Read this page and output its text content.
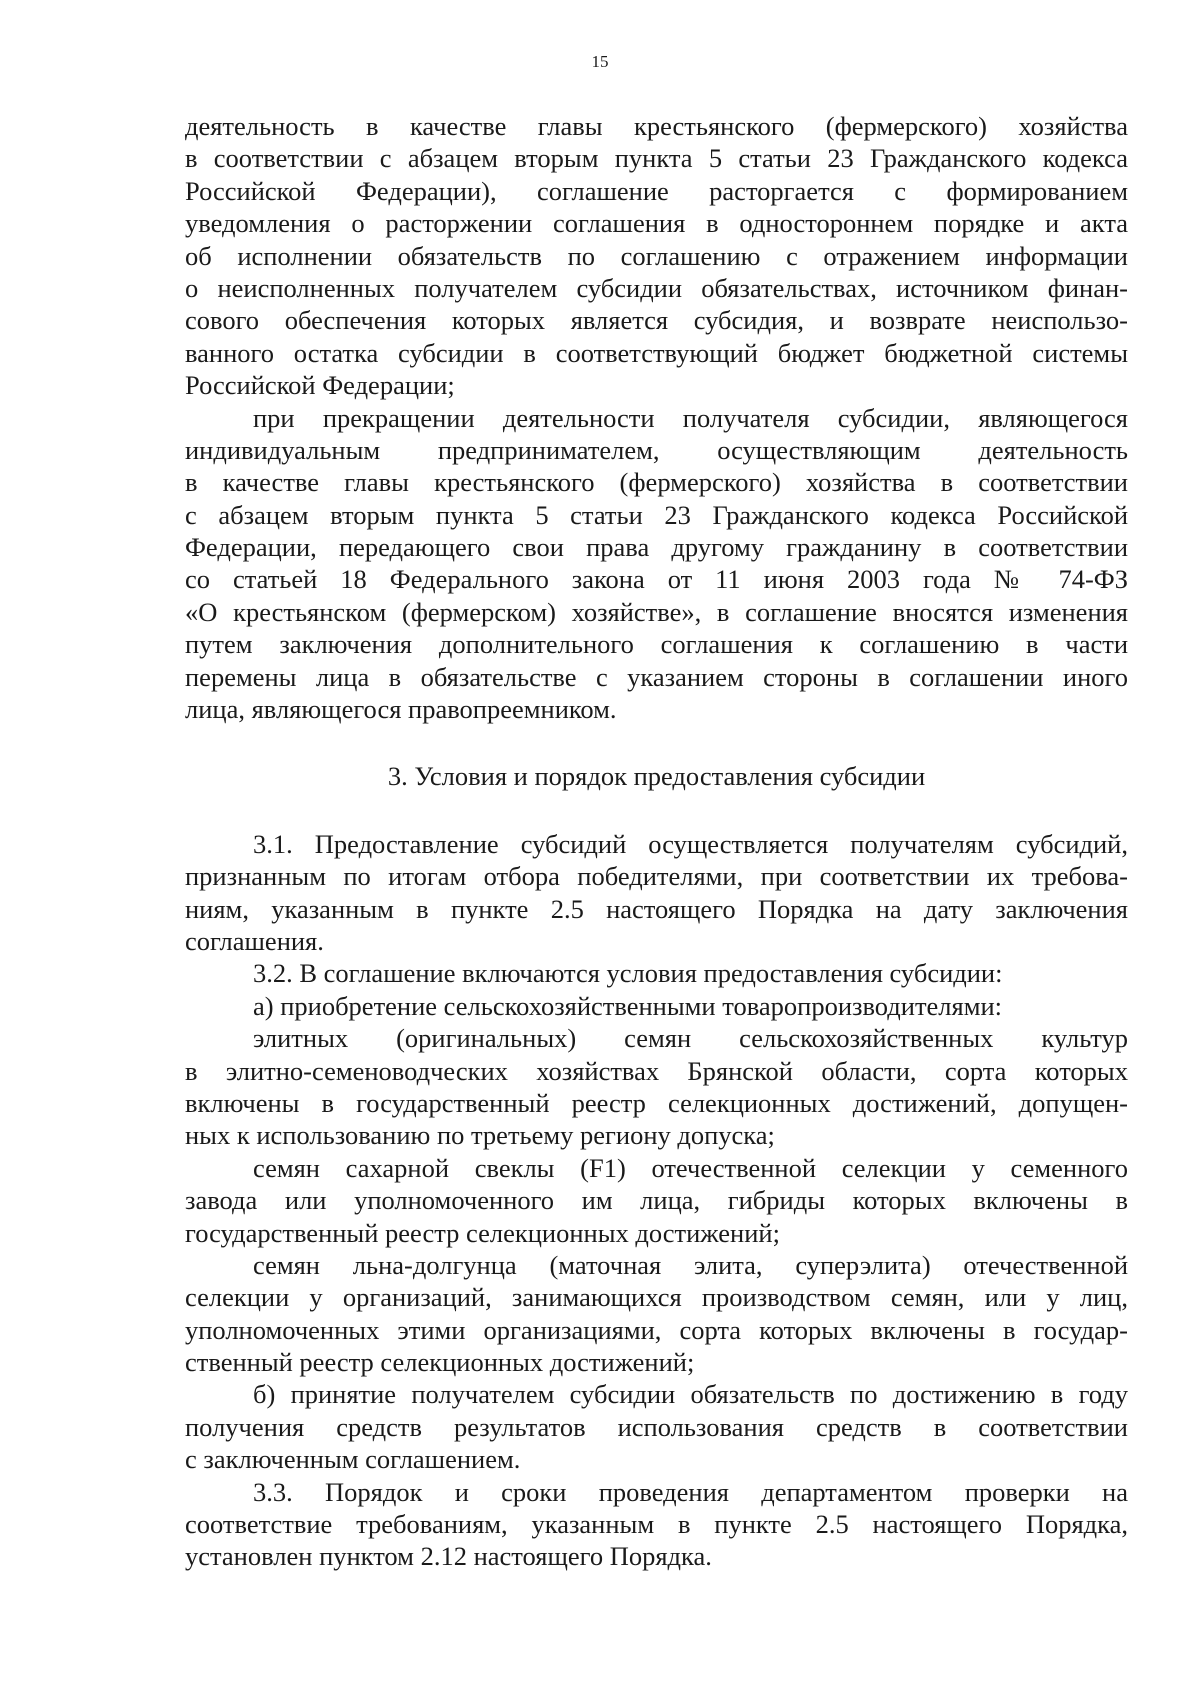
15
деятельность в качестве главы крестьянского (фермерского) хозяйства
в соответствии с абзацем вторым пункта 5 статьи 23 Гражданского кодекса
Российской Федерации), соглашение расторгается с формированием
уведомления о расторжении соглашения в одностороннем порядке и акта
об исполнении обязательств по соглашению с отражением информации
о неисполненных получателем субсидии обязательствах, источником финан-
сового обеспечения которых является субсидия, и возврате неиспользо-
ванного остатка субсидии в соответствующий бюджет бюджетной системы
Российской Федерации;
при прекращении деятельности получателя субсидии, являющегося
индивидуальным предпринимателем, осуществляющим деятельность
в качестве главы крестьянского (фермерского) хозяйства в соответствии
с абзацем вторым пункта 5 статьи 23 Гражданского кодекса Российской
Федерации, передающего свои права другому гражданину в соответствии
со статьей 18 Федерального закона от 11 июня 2003 года № 74-ФЗ
«О крестьянском (фермерском) хозяйстве», в соглашение вносятся изменения
путем заключения дополнительного соглашения к соглашению в части
перемены лица в обязательстве с указанием стороны в соглашении иного
лица, являющегося правопреемником.
3. Условия и порядок предоставления субсидии
3.1. Предоставление субсидий осуществляется получателям субсидий,
признанным по итогам отбора победителями, при соответствии их требова-
ниям, указанным в пункте 2.5 настоящего Порядка на дату заключения
соглашения.
3.2. В соглашение включаются условия предоставления субсидии:
а) приобретение сельскохозяйственными товаропроизводителями:
элитных (оригинальных) семян сельскохозяйственных культур
в элитно-семеноводческих хозяйствах Брянской области, сорта которых
включены в государственный реестр селекционных достижений, допущен-
ных к использованию по третьему региону допуска;
семян сахарной свеклы (F1) отечественной селекции у семенного
завода или уполномоченного им лица, гибриды которых включены в
государственный реестр селекционных достижений;
семян льна-долгунца (маточная элита, суперэлита) отечественной
селекции у организаций, занимающихся производством семян, или у лиц,
уполномоченных этими организациями, сорта которых включены в государ-
ственный реестр селекционных достижений;
б) принятие получателем субсидии обязательств по достижению в году
получения средств результатов использования средств в соответствии
с заключенным соглашением.
3.3. Порядок и сроки проведения департаментом проверки на
соответствие требованиям, указанным в пункте 2.5 настоящего Порядка,
установлен пунктом 2.12 настоящего Порядка.
